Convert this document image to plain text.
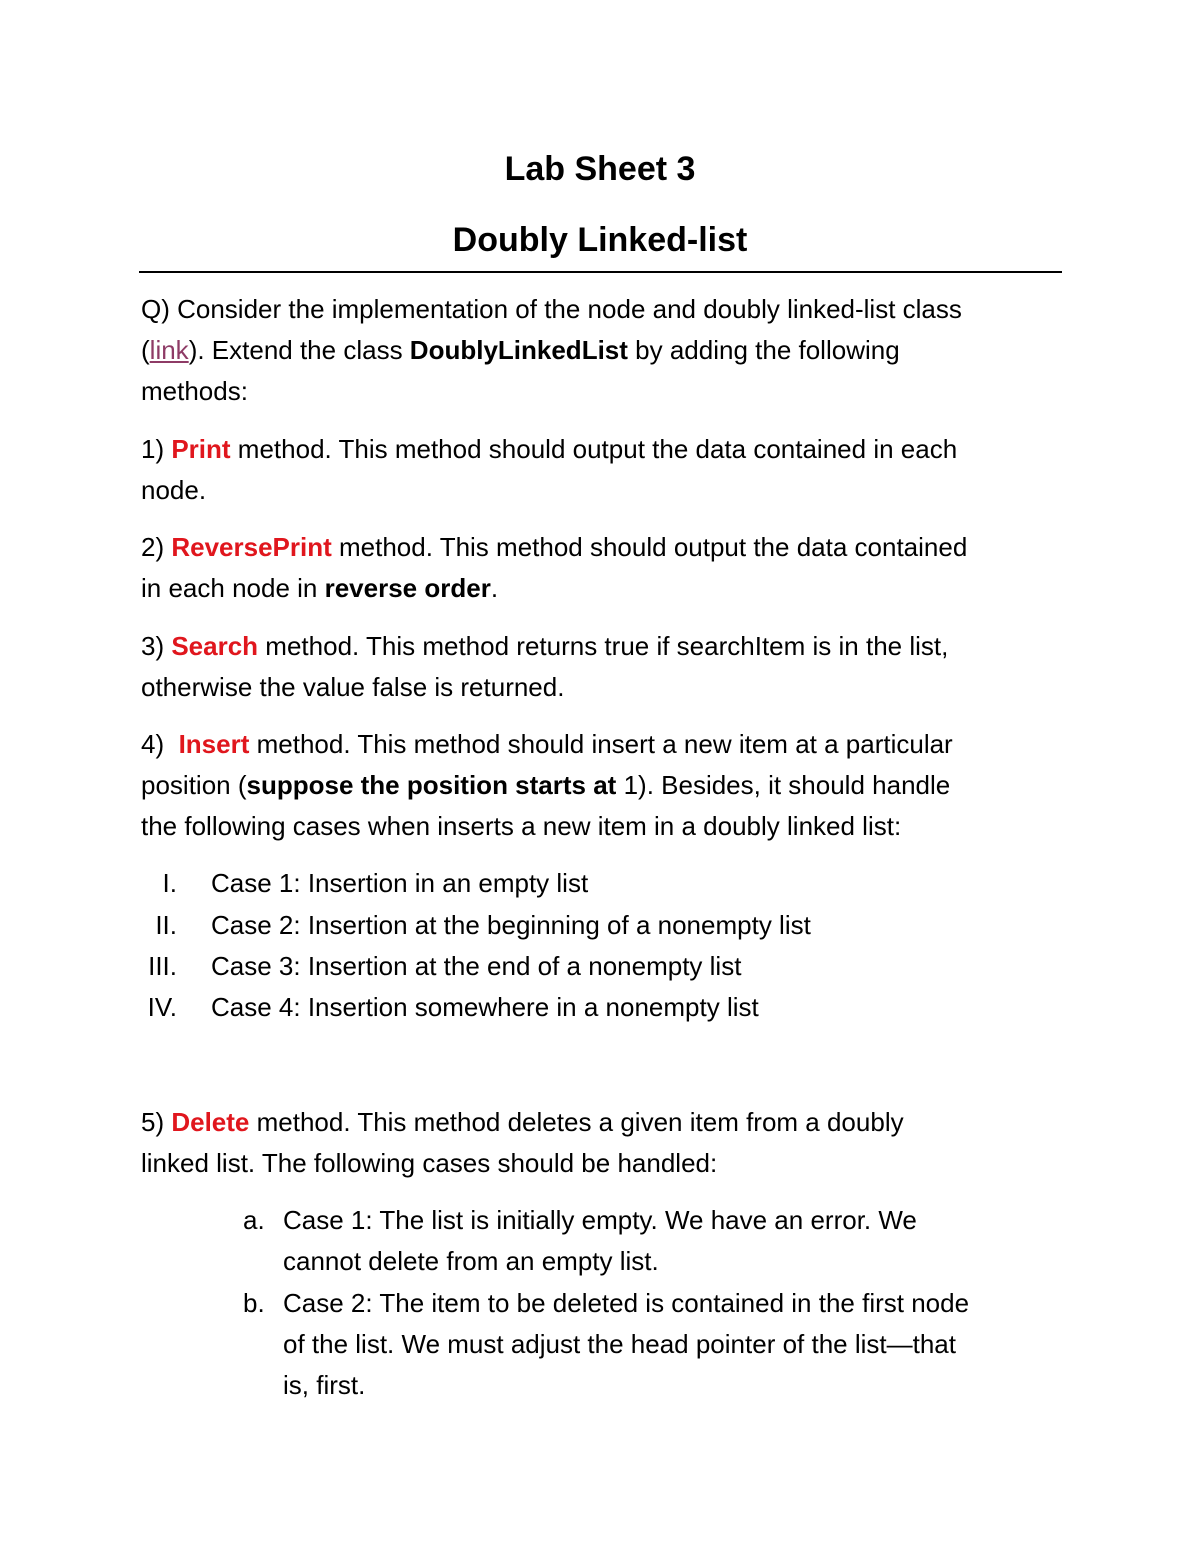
Lab Sheet 3
Doubly Linked-list

Q) Consider the implementation of the node and doubly linked-list class
(link). Extend the class DoublyLinkedList by adding the following
methods:

1) Print method. This method should output the data contained in each
node.

2) ReversePrint method. This method should output the data contained
in each node in reverse order.

3) Search method. This method returns true if searchItem is in the list,
otherwise the value false is returned.

4)  Insert method. This method should insert a new item at a particular
position (suppose the position starts at 1). Besides, it should handle
the following cases when inserts a new item in a doubly linked list:

I. Case 1: Insertion in an empty list
II. Case 2: Insertion at the beginning of a nonempty list
III. Case 3: Insertion at the end of a nonempty list
IV. Case 4: Insertion somewhere in a nonempty list

5) Delete method. This method deletes a given item from a doubly
linked list. The following cases should be handled:

a. Case 1: The list is initially empty. We have an error. We
cannot delete from an empty list.
b. Case 2: The item to be deleted is contained in the first node
of the list. We must adjust the head pointer of the list—that
is, first.
